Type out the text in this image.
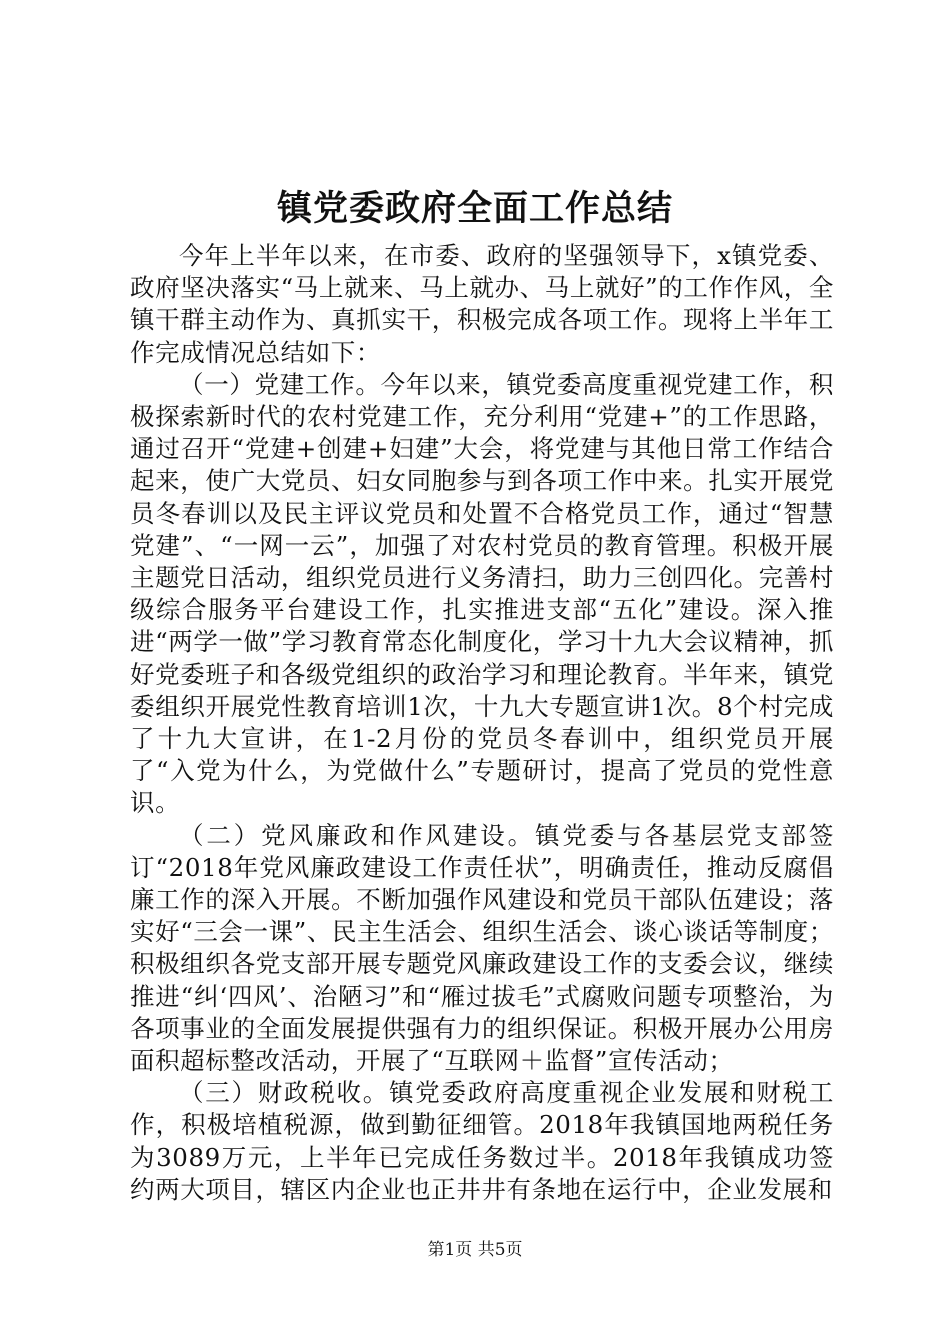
镇党委政府全面工作总结

今年上半年以来，在市委、政府的坚强领导下，x镇党委、政府坚决落实“马上就来、马上就办、马上就好”的工作作风，全镇干群主动作为、真抓实干，积极完成各项工作。现将上半年工作完成情况总结如下：

（一）党建工作。今年以来，镇党委高度重视党建工作，积极探索新时代的农村党建工作，充分利用“党建+”的工作思路，通过召开“党建+创建+妇建”大会，将党建与其他日常工作结合起来，使广大党员、妇女同胞参与到各项工作中来。扎实开展党员冬春训以及民主评议党员和处置不合格党员工作，通过“智慧党建”、“一网一云”，加强了对农村党员的教育管理。积极开展主题党日活动，组织党员进行义务清扫，助力三创四化。完善村级综合服务平台建设工作，扎实推进支部“五化”建设。深入推进“两学一做”学习教育常态化制度化，学习十九大会议精神，抓好党委班子和各级党组织的政治学习和理论教育。半年来，镇党委组织开展党性教育培训1次，十九大专题宣讲1次。8个村完成了十九大宣讲，在1-2月份的党员冬春训中，组织党员开展了“入党为什么，为党做什么”专题研讨，提高了党员的党性意识。

（二）党风廉政和作风建设。镇党委与各基层党支部签订“2018年党风廉政建设工作责任状”，明确责任，推动反腐倡廉工作的深入开展。不断加强作风建设和党员干部队伍建设；落实好“三会一课”、民主生活会、组织生活会、谈心谈话等制度；积极组织各党支部开展专题党风廉政建设工作的支委会议，继续推进“纠‘四风’、治陋习”和“雁过拔毛”式腐败问题专项整治，为各项事业的全面发展提供强有力的组织保证。积极开展办公用房面积超标整改活动，开展了“互联网＋监督”宣传活动；

（三）财政税收。镇党委政府高度重视企业发展和财税工作，积极培植税源，做到勤征细管。2018年我镇国地两税任务为3089万元，上半年已完成任务数过半。2018年我镇成功签约两大项目，辖区内企业也正井井有条地在运行中，企业发展和

第1页 共5页
